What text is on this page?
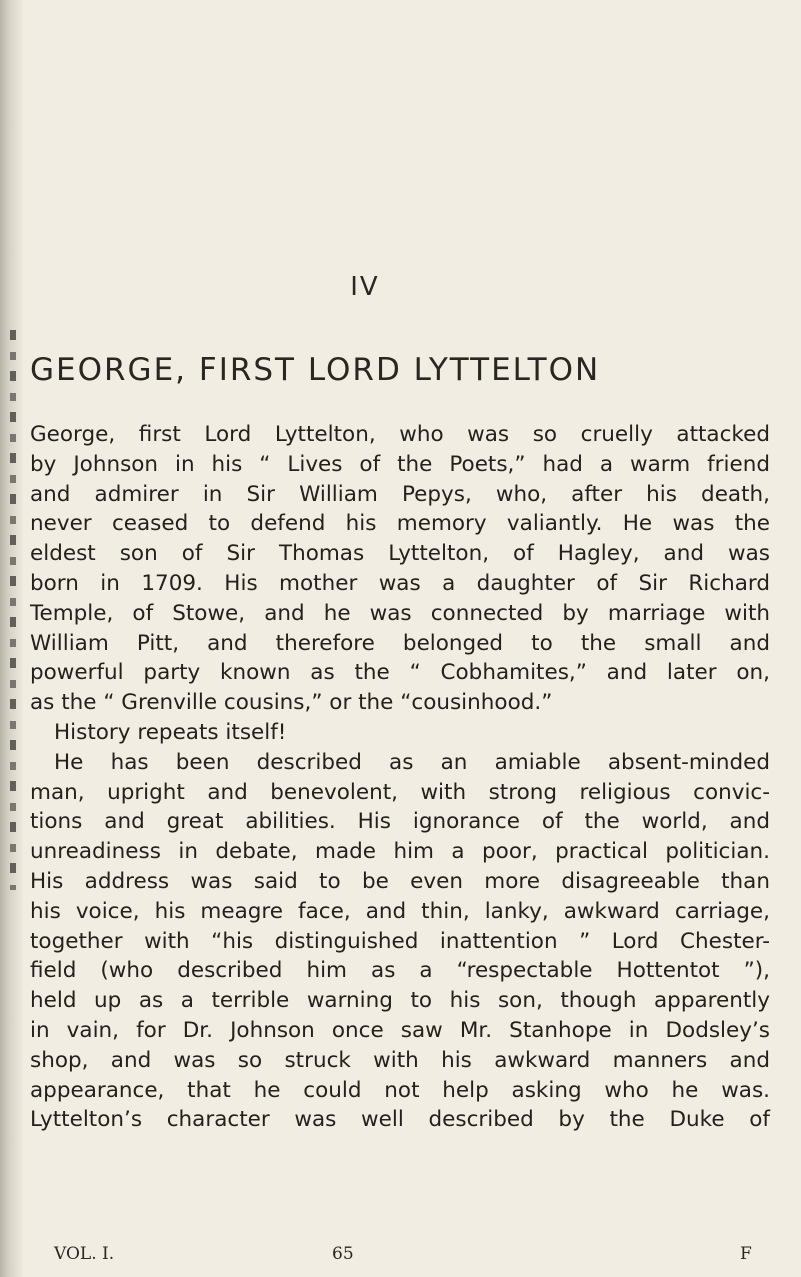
IV
GEORGE, FIRST LORD LYTTELTON
George, first Lord Lyttelton, who was so cruelly attacked
by Johnson in his “ Lives of the Poets,” had a warm friend
and admirer in Sir William Pepys, who, after his death,
never ceased to defend his memory valiantly. He was the
eldest son of Sir Thomas Lyttelton, of Hagley, and was
born in 1709. His mother was a daughter of Sir Richard
Temple, of Stowe, and he was connected by marriage with
William Pitt, and therefore belonged to the small and
powerful party known as the “ Cobhamites,” and later on,
as the “ Grenville cousins,” or the “cousinhood.”
History repeats itself!
He has been described as an amiable absent-minded
man, upright and benevolent, with strong religious convic-
tions and great abilities. His ignorance of the world, and
unreadiness in debate, made him a poor, practical politician.
His address was said to be even more disagreeable than
his voice, his meagre face, and thin, lanky, awkward carriage,
together with “his distinguished inattention ” Lord Chester-
field (who described him as a “respectable Hottentot ”),
held up as a terrible warning to his son, though apparently
in vain, for Dr. Johnson once saw Mr. Stanhope in Dodsley’s
shop, and was so struck with his awkward manners and
appearance, that he could not help asking who he was.
Lyttelton’s character was well described by the Duke of
VOL. I.	65	F
